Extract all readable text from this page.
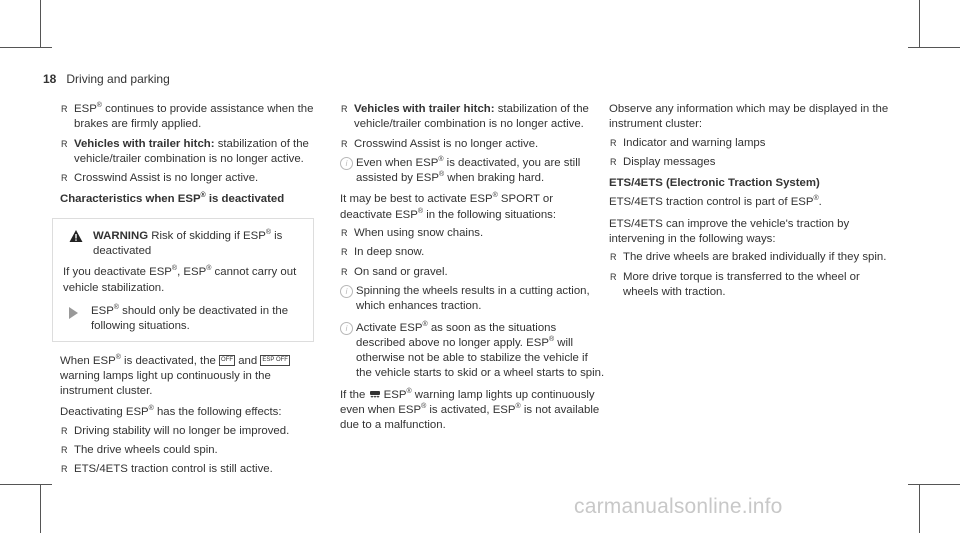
18 Driving and parking
R ESP® continues to provide assistance when the brakes are firmly applied.
R Vehicles with trailer hitch: stabilization of the vehicle/trailer combination is no longer active.
R Crosswind Assist is no longer active.
Characteristics when ESP® is deactivated
WARNING Risk of skidding if ESP® is deactivated

If you deactivate ESP®, ESP® cannot carry out vehicle stabilization.

ESP® should only be deactivated in the following situations.

When ESP® is deactivated, the OFF and ESP OFF warning lamps light up continuously in the instrument cluster.

Deactivating ESP® has the following effects:

R Driving stability will no longer be improved.
R The drive wheels could spin.
R ETS/4ETS traction control is still active.
R Vehicles with trailer hitch: stabilization of the vehicle/trailer combination is no longer active.
R Crosswind Assist is no longer active.
i Even when ESP® is deactivated, you are still assisted by ESP® when braking hard.

It may be best to activate ESP® SPORT or deactivate ESP® in the following situations:

R When using snow chains.
R In deep snow.
R On sand or gravel.
i Spinning the wheels results in a cutting action, which enhances traction.
i Activate ESP® as soon as the situations described above no longer apply. ESP® will otherwise not be able to stabilize the vehicle if the vehicle starts to skid or a wheel starts to spin.

If the  ESP® warning lamp lights up continuously even when ESP® is activated, ESP® is not available due to a malfunction.

Observe any information which may be displayed in the instrument cluster:

R Indicator and warning lamps
R Display messages
ETS/4ETS (Electronic Traction System)

ETS/4ETS traction control is part of ESP®.

ETS/4ETS can improve the vehicle's traction by intervening in the following ways:

R The drive wheels are braked individually if they spin.
R More drive torque is transferred to the wheel or wheels with traction.
carmanualsonline.info
